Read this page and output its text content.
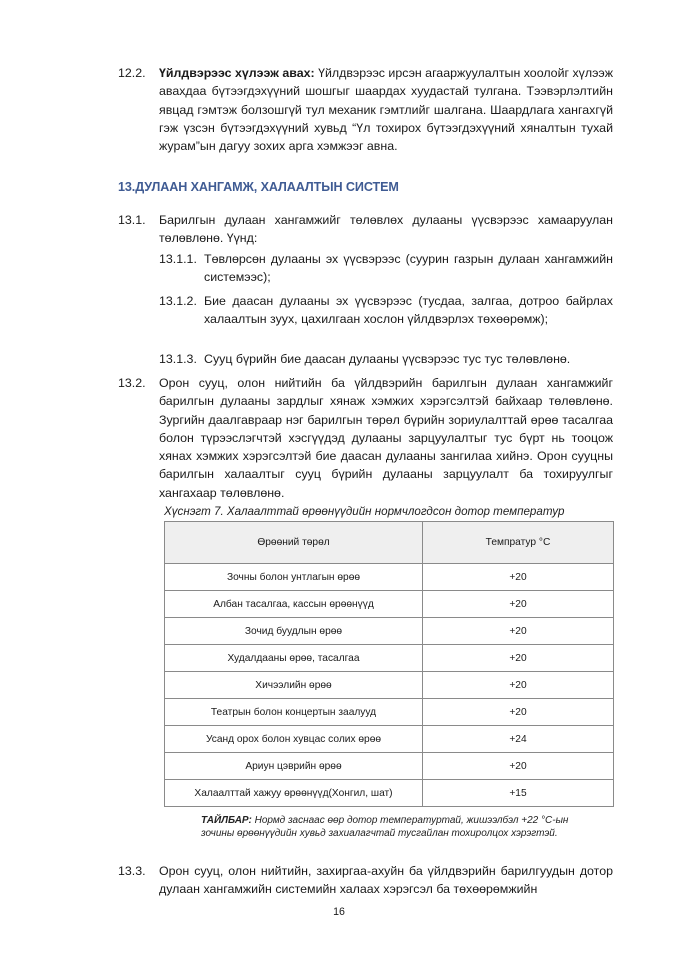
12.2. Үйлдвэрээс хүлээж авах: Үйлдвэрээс ирсэн агааржуулалтын хоолойг хүлээж авахдаа бүтээгдэхүүний шошгыг шаардах хуудастай тулгана. Тээвэрлэлтийн явцад гэмтэж болзошгүй тул механик гэмтлийг шалгана. Шаардлага хангахгүй гэж үзсэн бүтээгдэхүүний хувьд “Үл тохирох бүтээгдэхүүний хяналтын тухай журам”ын дагуу зохих арга хэмжээг авна.
13.ДУЛААН ХАНГАМЖ, ХАЛААЛТЫН СИСТЕМ
13.1. Барилгын дулаан хангамжийг төлөвлөх дулааны үүсвэрээс хамааруулан төлөвлөнө. Үүнд:
13.1.1. Төвлөрсөн дулааны эх үүсвэрээс (суурин газрын дулаан хангамжийн системээс);
13.1.2. Бие даасан дулааны эх үүсвэрээс (тусдаа, залгаа, дотроо байрлах халаалтын зуух, цахилгаан хослон үйлдвэрлэх төхөөрөмж);
13.1.3. Сууц бүрийн бие даасан дулааны үүсвэрээс тус тус төлөвлөнө.
13.2. Орон сууц, олон нийтийн ба үйлдвэрийн барилгын дулаан хангамжийг барилгын дулааны зардлыг хянаж хэмжих хэрэгсэлтэй байхаар төлөвлөнө. Зургийн даалгавраар нэг барилгын төрөл бүрийн зориулалттай өрөө тасалгаа болон түрээслэгчтэй хэсгүүдэд дулааны зарцуулалтыг тус бүрт нь тооцож хянах хэмжих хэрэгсэлтэй бие даасан дулааны зангилаа хийнэ. Орон сууцны барилгын халаалтыг сууц бүрийн дулааны зарцуулалт ба тохируулгыг хангахаар төлөвлөнө.
Хүснэгт 7. Халаалттай өрөөнүүдийн нормчлогдсон дотор температур
Өрөөний төрөл	Темпратур °С
Зочны болон унтлагын өрөө	+20
Албан тасалгаа, кассын өрөөнүүд	+20
Зочид буудлын өрөө	+20
Худалдааны өрөө, тасалгаа	+20
Хичээлийн өрөө	+20
Театрын болон концертын заалууд	+20
Усанд орох болон хувцас солих өрөө	+24
Ариун цэврийн өрөө	+20
Халаалттай хажуу өрөөнүүд(Хонгил, шат)	+15
ТАЙЛБАР: Нормд заснаас өөр дотор температуртай, жишээлбэл +22 °С-ын зочины өрөөнүүдийн хувьд захиалагчтай тусгайлан тохиролцох хэрэгтэй.
13.3. Орон сууц, олон нийтийн, захиргаа-ахуйн ба үйлдвэрийн барилгуудын дотор дулаан хангамжийн системийн халаах хэрэгсэл ба төхөөрөмжийн
16
